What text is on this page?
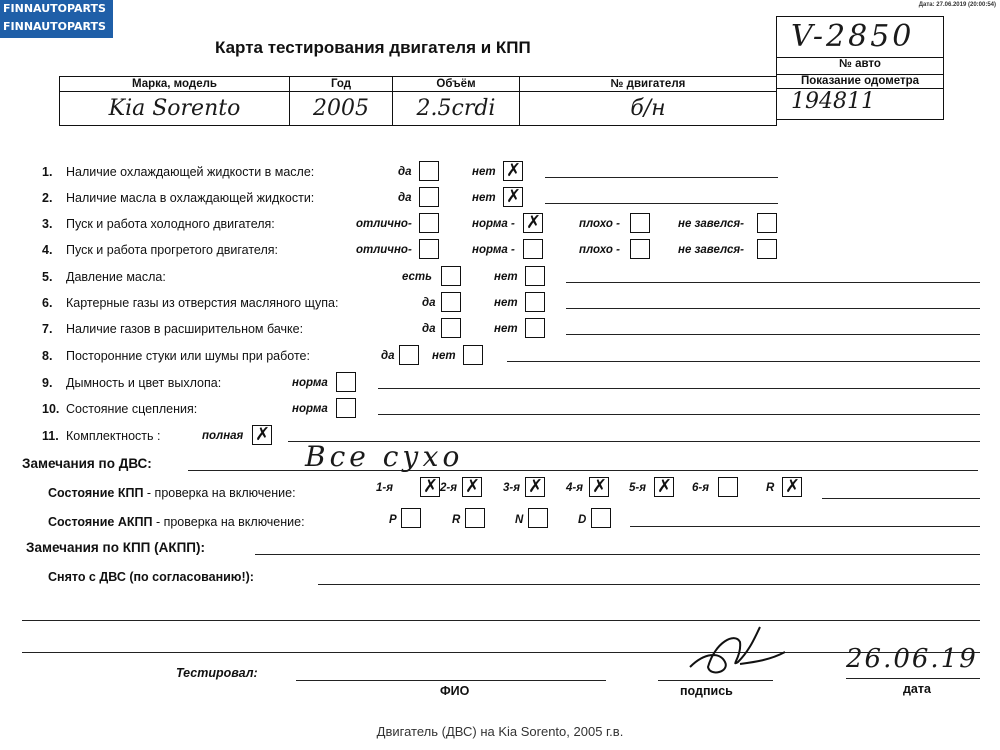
FINNAUTOPARTS
FINNAUTOPARTS
Дата: 27.06.2019 (20:00:54)
Карта тестирования двигателя и КПП	V-2850
№ авто
Показание одометра
194811
Марка, модель	Год	Объём	№ двигателя
Kia Sorento	2005	2.5crdi	б/н
1. Наличие охлаждающей жидкости в масле:	да	нет ✗
2. Наличие масла в охлаждающей жидкости:	да	нет ✗
3. Пуск и работа холодного двигателя:	отлично-	норма - ✗	плохо -	не завелся-
4. Пуск и работа прогретого двигателя:	отлично-	норма -	плохо -	не завелся-
5. Давление масла:	есть	нет
6. Картерные газы из отверстия масляного щупа:	да	нет
7. Наличие газов в расширительном бачке:	да	нет
8. Посторонние стуки или шумы при работе:	да	нет
9. Дымность и цвет выхлопа:	норма
10. Состояние сцепления:	норма
11. Комплектность :	полная ✗
Замечания по ДВС:	Все сухо
Состояние КПП - проверка на включение:	1-я ✗ 2-я ✗ 3-я ✗ 4-я ✗ 5-я ✗ 6-я	R ✗
Состояние АКПП - проверка на включение:	P	R	N	D
Замечания по КПП (АКПП):
Снято с ДВС (по согласованию!):
Тестировал:
ФИО	подпись
26.06.19
дата
Двигатель (ДВС) на Kia Sorento, 2005 г.в.
